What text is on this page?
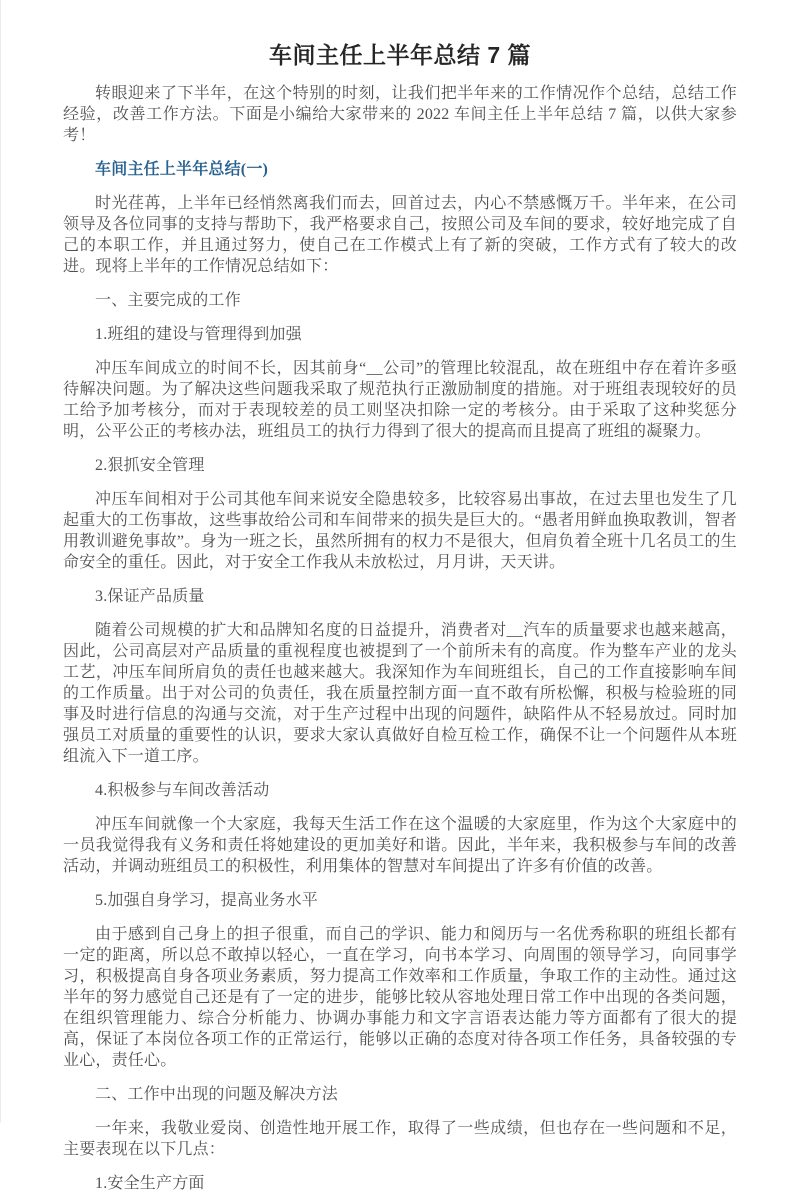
车间主任上半年总结 7 篇

转眼迎来了下半年，在这个特别的时刻，让我们把半年来的工作情况作个总结，总结工作经验，改善工作方法。下面是小编给大家带来的 2022 车间主任上半年总结 7 篇，以供大家参考！

车间主任上半年总结(一)

时光荏苒，上半年已经悄然离我们而去，回首过去，内心不禁感慨万千。半年来，在公司领导及各位同事的支持与帮助下，我严格要求自己，按照公司及车间的要求，较好地完成了自己的本职工作，并且通过努力，使自己在工作模式上有了新的突破，工作方式有了较大的改进。现将上半年的工作情况总结如下：

一、主要完成的工作

1.班组的建设与管理得到加强

冲压车间成立的时间不长，因其前身“__公司”的管理比较混乱，故在班组中存在着许多亟待解决问题。为了解决这些问题我采取了规范执行正激励制度的措施。对于班组表现较好的员工给予加考核分，而对于表现较差的员工则坚决扣除一定的考核分。由于采取了这种奖惩分明，公平公正的考核办法，班组员工的执行力得到了很大的提高而且提高了班组的凝聚力。

2.狠抓安全管理

冲压车间相对于公司其他车间来说安全隐患较多，比较容易出事故，在过去里也发生了几起重大的工伤事故，这些事故给公司和车间带来的损失是巨大的。“愚者用鲜血换取教训，智者用教训避免事故”。身为一班之长，虽然所拥有的权力不是很大，但肩负着全班十几名员工的生命安全的重任。因此，对于安全工作我从未放松过，月月讲，天天讲。

3.保证产品质量

随着公司规模的扩大和品牌知名度的日益提升，消费者对__汽车的质量要求也越来越高，因此，公司高层对产品质量的重视程度也被提到了一个前所未有的高度。作为整车产业的龙头工艺，冲压车间所肩负的责任也越来越大。我深知作为车间班组长，自己的工作直接影响车间的工作质量。出于对公司的负责任，我在质量控制方面一直不敢有所松懈，积极与检验班的同事及时进行信息的沟通与交流，对于生产过程中出现的问题件，缺陷件从不轻易放过。同时加强员工对质量的重要性的认识，要求大家认真做好自检互检工作，确保不让一个问题件从本班组流入下一道工序。

4.积极参与车间改善活动

冲压车间就像一个大家庭，我每天生活工作在这个温暖的大家庭里，作为这个大家庭中的一员我觉得我有义务和责任将她建设的更加美好和谐。因此，半年来，我积极参与车间的改善活动，并调动班组员工的积极性，利用集体的智慧对车间提出了许多有价值的改善。

5.加强自身学习，提高业务水平

由于感到自己身上的担子很重，而自己的学识、能力和阅历与一名优秀称职的班组长都有一定的距离，所以总不敢掉以轻心，一直在学习，向书本学习、向周围的领导学习，向同事学习，积极提高自身各项业务素质，努力提高工作效率和工作质量，争取工作的主动性。通过这半年的努力感觉自己还是有了一定的进步，能够比较从容地处理日常工作中出现的各类问题，在组织管理能力、综合分析能力、协调办事能力和文字言语表达能力等方面都有了很大的提高，保证了本岗位各项工作的正常运行，能够以正确的态度对待各项工作任务，具备较强的专业心，责任心。

二、工作中出现的问题及解决方法

一年来，我敬业爱岗、创造性地开展工作，取得了一些成绩，但也存在一些问题和不足，主要表现在以下几点：

1.安全生产方面
